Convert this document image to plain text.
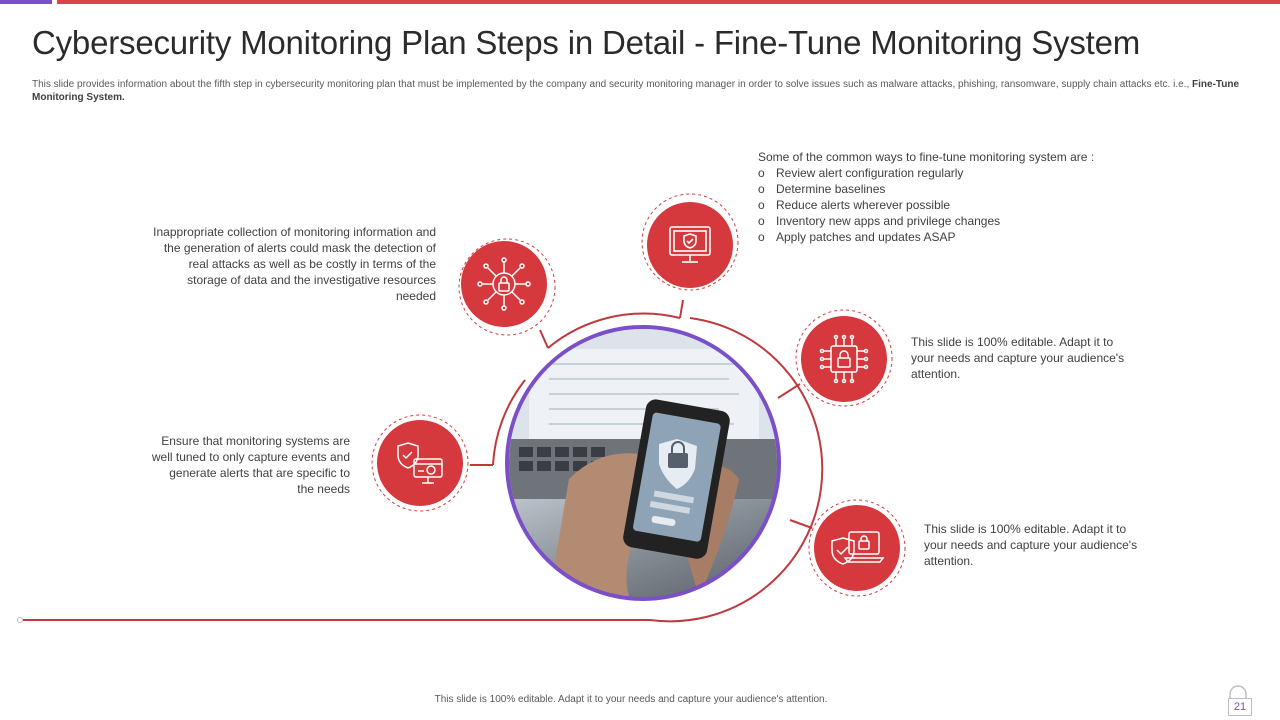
Cybersecurity Monitoring Plan Steps in Detail - Fine-Tune Monitoring System
This slide provides information about the fifth step in cybersecurity monitoring plan that must be implemented by the company and security monitoring manager in order to solve issues such as malware attacks, phishing, ransomware, supply chain attacks etc. i.e., Fine-Tune Monitoring System.
Inappropriate collection of monitoring information and the generation of alerts could mask the detection of real attacks as well as be costly in terms of the storage of data and the investigative resources needed
Ensure that monitoring systems are well tuned to only capture events and generate alerts that are specific to the needs
Some of the common ways to fine-tune monitoring system are :
o Review alert configuration regularly
o Determine baselines
o Reduce alerts wherever possible
o Inventory new apps and privilege changes
o Apply patches and updates ASAP
This slide is 100% editable. Adapt it to your needs and capture your audience's attention.
This slide is 100% editable. Adapt it to your needs and capture your audience's attention.
This slide is 100% editable. Adapt it to your needs and capture your audience's attention.
21
